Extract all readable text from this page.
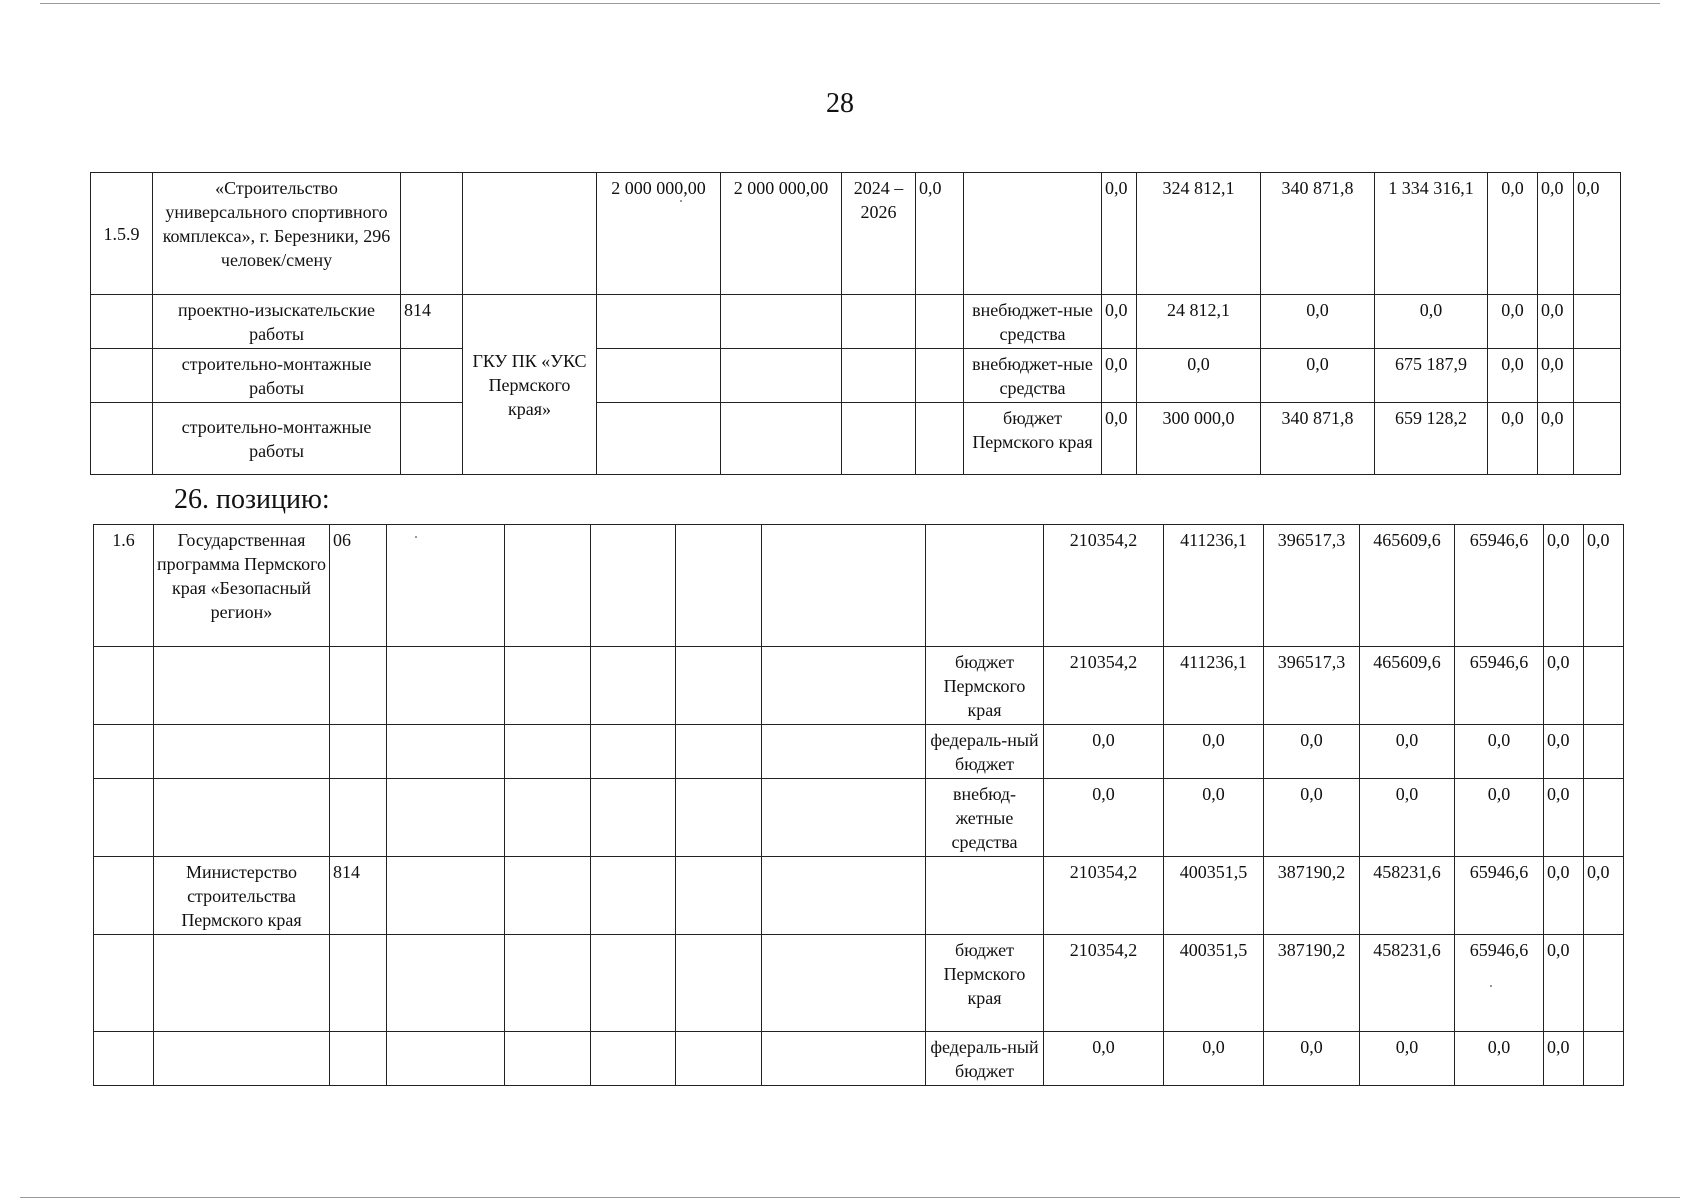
28
1.5.9	«Строительство универсального спортивного комплекса», г. Березники, 296 человек/смену			2 000 000,00	2 000 000,00	2024 – 2026	0,0		0,0	324 812,1	340 871,8	1 334 316,1	0,0	0,0	0,0
	проектно-изыскательские работы	814	ГКУ ПК «УКС Пермского края»					внебюджет-ные средства	0,0	24 812,1	0,0	0,0	0,0	0,0	
	строительно-монтажные работы							внебюджет-ные средства	0,0	0,0	0,0	675 187,9	0,0	0,0	
	строительно-монтажные работы							бюджет Пермского края	0,0	300 000,0	340 871,8	659 128,2	0,0	0,0	
26. позицию:
1.6	Государственная программа Пермского края «Безопасный регион»	06							210354,2	411236,1	396517,3	465609,6	65946,6	0,0	0,0
								бюджет Пермского края	210354,2	411236,1	396517,3	465609,6	65946,6	0,0	
								федераль-ный бюджет	0,0	0,0	0,0	0,0	0,0	0,0	
								внебюд-жетные средства	0,0	0,0	0,0	0,0	0,0	0,0	
	Министерство строительства Пермского края	814							210354,2	400351,5	387190,2	458231,6	65946,6	0,0	0,0
								бюджет Пермского края	210354,2	400351,5	387190,2	458231,6	65946,6	0,0	
								федераль-ный бюджет	0,0	0,0	0,0	0,0	0,0	0,0	
